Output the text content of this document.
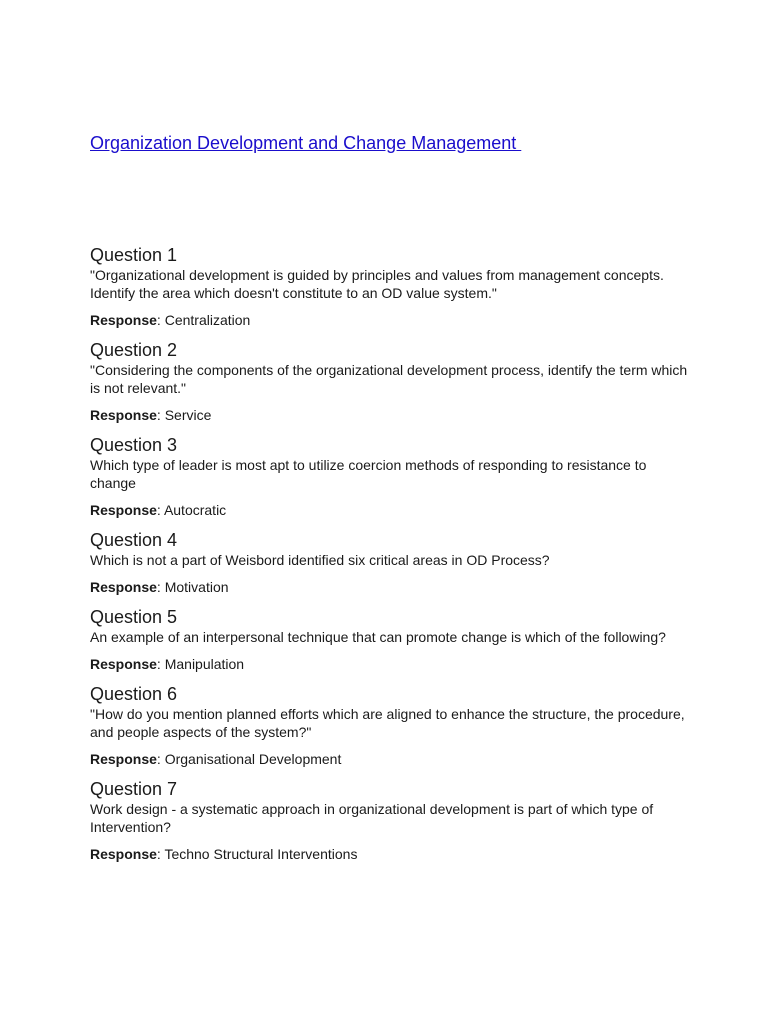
Organization Development and Change Management
Question 1

"Organizational development is guided by principles and values from management concepts. Identify the area which doesn't constitute to an OD value system."

Response: Centralization

Question 2

"Considering the components of the organizational development process, identify the term which is not relevant."

Response: Service

Question 3

Which type of leader is most apt to utilize coercion methods of responding to resistance to change

Response: Autocratic

Question 4

Which is not a part of Weisbord identified six critical areas in OD Process?

Response: Motivation

Question 5

An example of an interpersonal technique that can promote change is which of the following?

Response: Manipulation

Question 6

"How do you mention planned efforts which are aligned to enhance the structure, the procedure, and people aspects of the system?"

Response: Organisational Development

Question 7

Work design - a systematic approach in organizational development is part of which type of Intervention?

Response: Techno Structural Interventions
